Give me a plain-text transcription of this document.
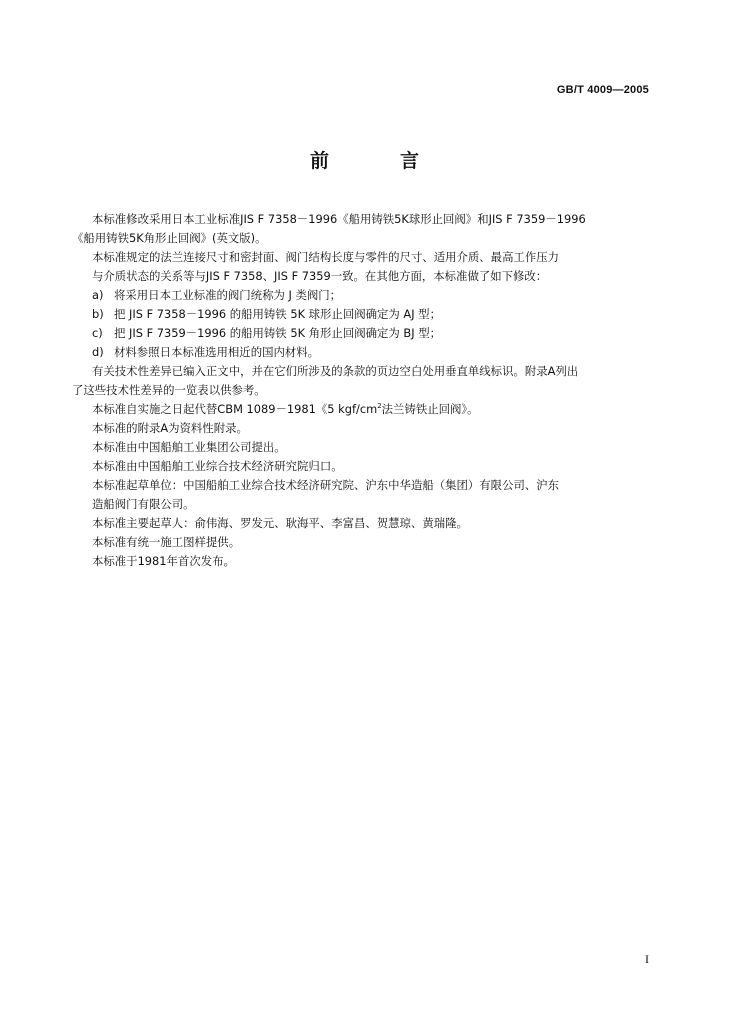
GB/T 4009—2005
前　言

本标准修改采用日本工业标准JIS F 7358－1996《船用铸铁5K球形止回阀》和JIS F 7359－1996

《船用铸铁5K角形止回阀》(英文版)。

本标准规定的法兰连接尺寸和密封面、阀门结构长度与零件的尺寸、适用介质、最高工作压力

与介质状态的关系等与JIS F 7358、JIS F 7359一致。在其他方面，本标准做了如下修改：

a) 将采用日本工业标准的阀门统称为 J 类阀门；
b) 把 JIS F 7358－1996 的船用铸铁 5K 球形止回阀确定为 AJ 型；
c) 把 JIS F 7359－1996 的船用铸铁 5K 角形止回阀确定为 BJ 型；
d) 材料参照日本标准选用相近的国内材料。

有关技术性差异已编入正文中，并在它们所涉及的条款的页边空白处用垂直单线标识。附录A列出

了这些技术性差异的一览表以供参考。

本标准自实施之日起代替CBM 1089－1981《5 kgf/$cm^2$法兰铸铁止回阀》。

本标准的附录A为资料性附录。

本标准由中国船舶工业集团公司提出。

本标准由中国船舶工业综合技术经济研究院归口。

本标准起草单位：中国船舶工业综合技术经济研究院、沪东中华造船（集团）有限公司、沪东

造船阀门有限公司。

本标准主要起草人：俞伟海、罗发元、耿海平、李富昌、贺慧琼、黄瑞隆。

本标准有统一施工图样提供。

本标准于1981年首次发布。

I
